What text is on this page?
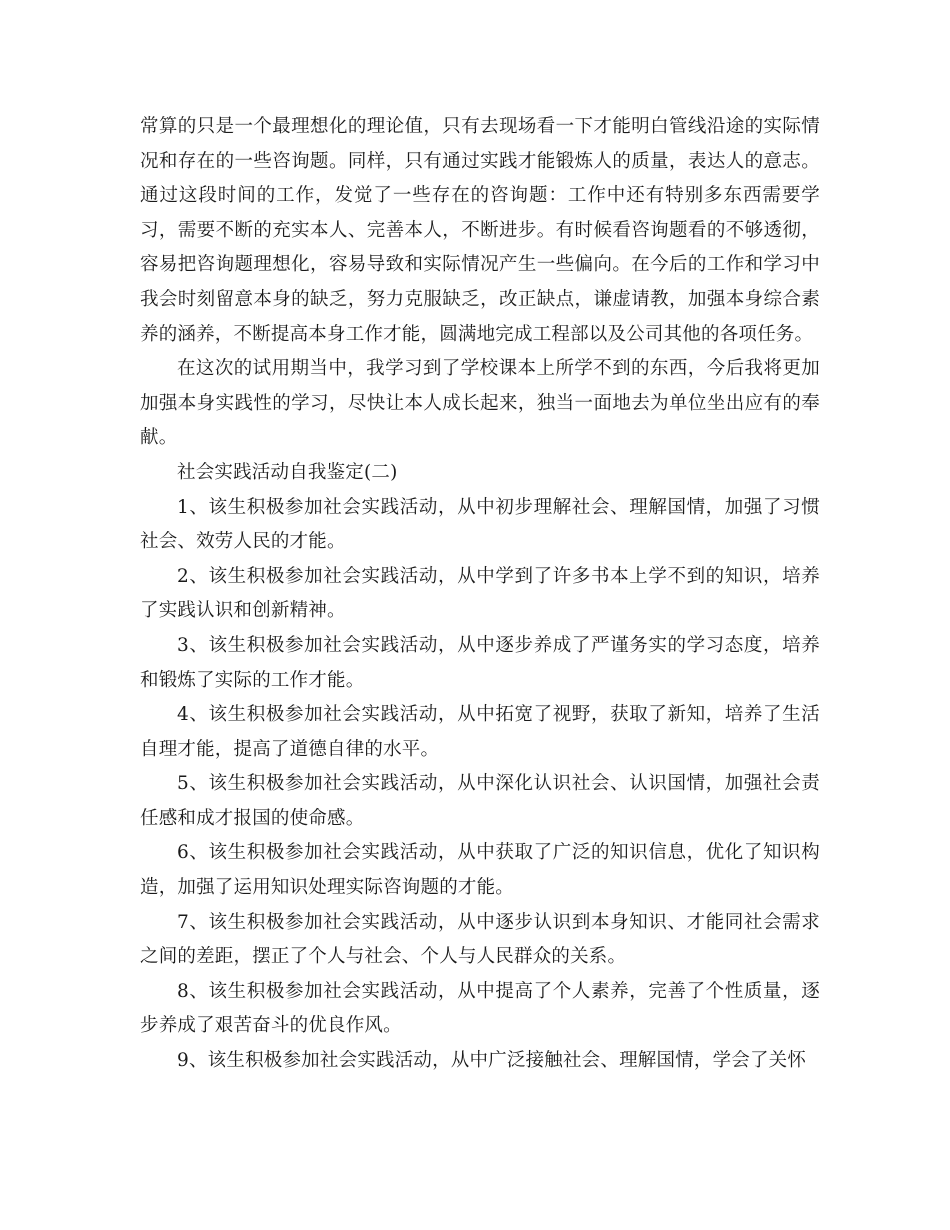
常算的只是一个最理想化的理论值，只有去现场看一下才能明白管线沿途的实际情况和存在的一些咨询题。同样，只有通过实践才能锻炼人的质量，表达人的意志。通过这段时间的工作，发觉了一些存在的咨询题：工作中还有特别多东西需要学习，需要不断的充实本人、完善本人，不断进步。有时候看咨询题看的不够透彻，容易把咨询题理想化，容易导致和实际情况产生一些偏向。在今后的工作和学习中我会时刻留意本身的缺乏，努力克服缺乏，改正缺点，谦虚请教，加强本身综合素养的涵养，不断提高本身工作才能，圆满地完成工程部以及公司其他的各项任务。

在这次的试用期当中，我学习到了学校课本上所学不到的东西，今后我将更加加强本身实践性的学习，尽快让本人成长起来，独当一面地去为单位坐出应有的奉献。

社会实践活动自我鉴定(二)

1、该生积极参加社会实践活动，从中初步理解社会、理解国情，加强了习惯社会、效劳人民的才能。

2、该生积极参加社会实践活动，从中学到了许多书本上学不到的知识，培养了实践认识和创新精神。

3、该生积极参加社会实践活动，从中逐步养成了严谨务实的学习态度，培养和锻炼了实际的工作才能。

4、该生积极参加社会实践活动，从中拓宽了视野，获取了新知，培养了生活自理才能，提高了道德自律的水平。

5、该生积极参加社会实践活动，从中深化认识社会、认识国情，加强社会责任感和成才报国的使命感。

6、该生积极参加社会实践活动，从中获取了广泛的知识信息，优化了知识构造，加强了运用知识处理实际咨询题的才能。

7、该生积极参加社会实践活动，从中逐步认识到本身知识、才能同社会需求之间的差距，摆正了个人与社会、个人与人民群众的关系。

8、该生积极参加社会实践活动，从中提高了个人素养，完善了个性质量，逐步养成了艰苦奋斗的优良作风。

9、该生积极参加社会实践活动，从中广泛接触社会、理解国情，学会了关怀
